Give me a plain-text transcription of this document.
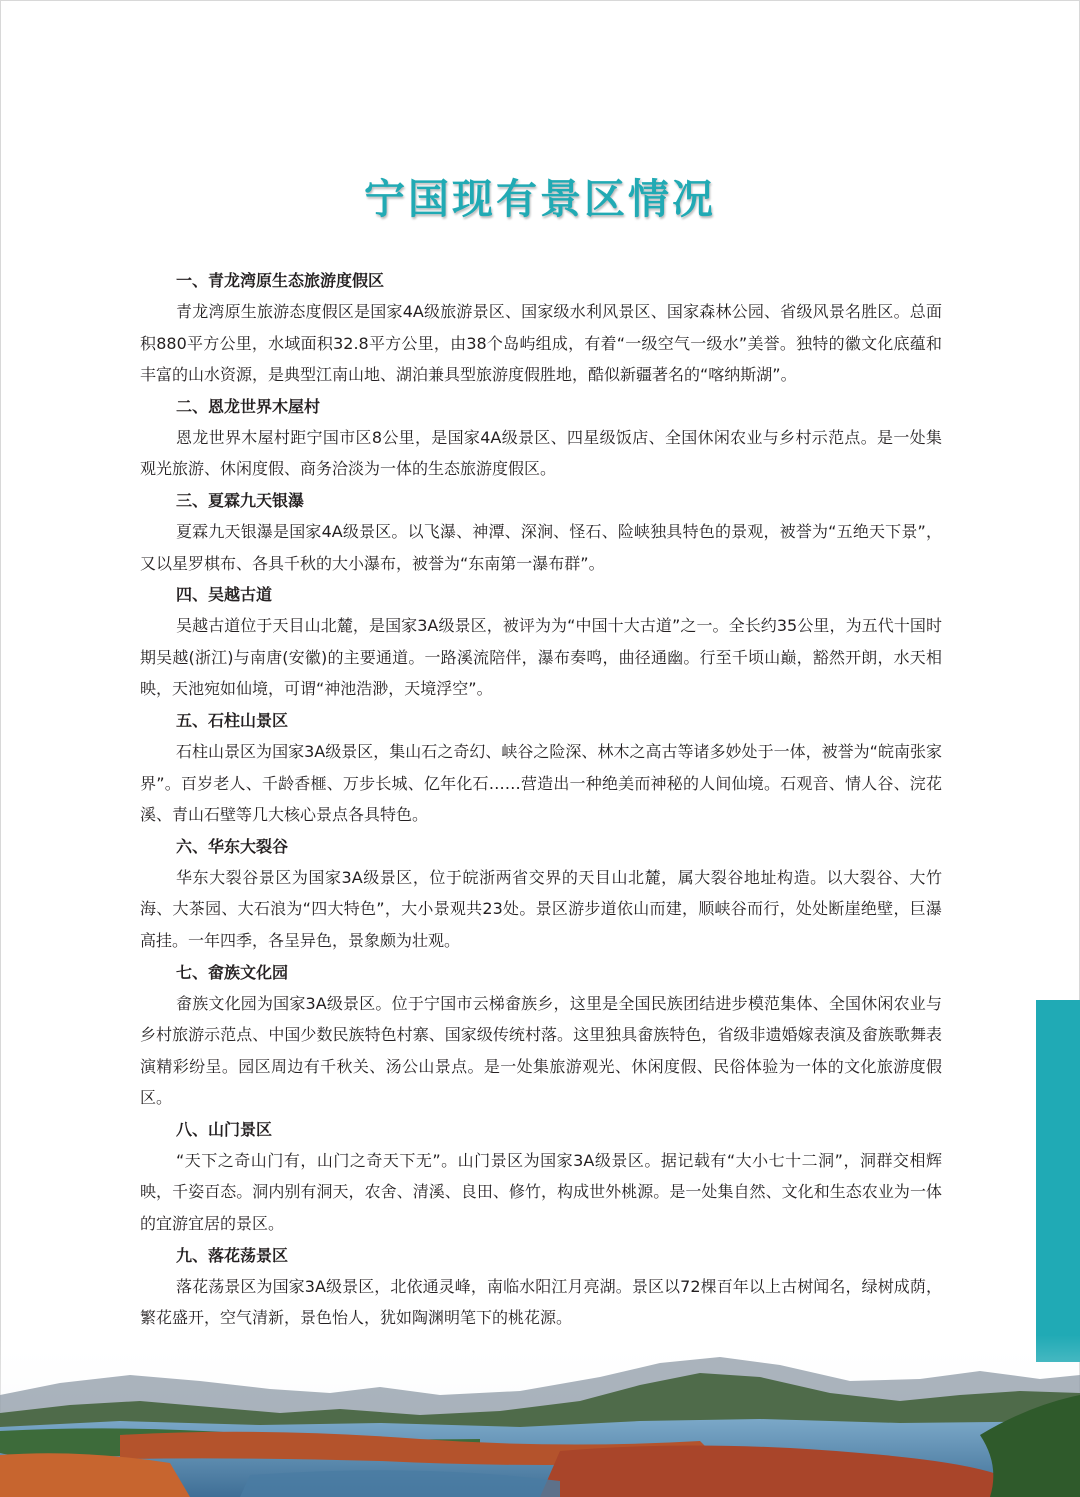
宁国现有景区情况
一、青龙湾原生态旅游度假区

青龙湾原生旅游态度假区是国家4A级旅游景区、国家级水利风景区、国家森林公园、省级风景名胜区。总面积880平方公里，水域面积32.8平方公里，由38个岛屿组成，有着“一级空气一级水”美誉。独特的徽文化底蕴和丰富的山水资源，是典型江南山地、湖泊兼具型旅游度假胜地，酷似新疆著名的“喀纳斯湖”。

二、恩龙世界木屋村

恩龙世界木屋村距宁国市区8公里，是国家4A级景区、四星级饭店、全国休闲农业与乡村示范点。是一处集观光旅游、休闲度假、商务洽淡为一体的生态旅游度假区。

三、夏霖九天银瀑

夏霖九天银瀑是国家4A级景区。以飞瀑、神潭、深涧、怪石、险峡独具特色的景观，被誉为“五绝天下景”，又以星罗棋布、各具千秋的大小瀑布，被誉为“东南第一瀑布群”。

四、吴越古道

吴越古道位于天目山北麓，是国家3A级景区，被评为为“中国十大古道”之一。全长约35公里，为五代十国时期吴越(浙江)与南唐(安徽)的主要通道。一路溪流陪伴，瀑布奏鸣，曲径通幽。行至千顷山巅，豁然开朗，水天相映，天池宛如仙境，可谓“神池浩渺，天境浮空”。

五、石柱山景区

石柱山景区为国家3A级景区，集山石之奇幻、峡谷之险深、林木之高古等诸多妙处于一体，被誉为“皖南张家界”。百岁老人、千龄香榧、万步长城、亿年化石……营造出一种绝美而神秘的人间仙境。石观音、情人谷、浣花溪、青山石壁等几大核心景点各具特色。

六、华东大裂谷

华东大裂谷景区为国家3A级景区，位于皖浙两省交界的天目山北麓，属大裂谷地址构造。以大裂谷、大竹海、大茶园、大石浪为“四大特色”，大小景观共23处。景区游步道依山而建，顺峡谷而行，处处断崖绝壁，巨瀑高挂。一年四季，各呈异色，景象颇为壮观。

七、畲族文化园

畲族文化园为国家3A级景区。位于宁国市云梯畲族乡，这里是全国民族团结进步模范集体、全国休闲农业与乡村旅游示范点、中国少数民族特色村寨、国家级传统村落。这里独具畲族特色，省级非遗婚嫁表演及畲族歌舞表演精彩纷呈。园区周边有千秋关、汤公山景点。是一处集旅游观光、休闲度假、民俗体验为一体的文化旅游度假区。

八、山门景区

“天下之奇山门有，山门之奇天下无”。山门景区为国家3A级景区。据记载有“大小七十二洞”，洞群交相辉映，千姿百态。洞内别有洞天，农舍、清溪、良田、修竹，构成世外桃源。是一处集自然、文化和生态农业为一体的宜游宜居的景区。

九、落花荡景区

落花荡景区为国家3A级景区，北依通灵峰，南临水阳江月亮湖。景区以72棵百年以上古树闻名，绿树成荫，繁花盛开，空气清新，景色怡人，犹如陶渊明笔下的桃花源。
